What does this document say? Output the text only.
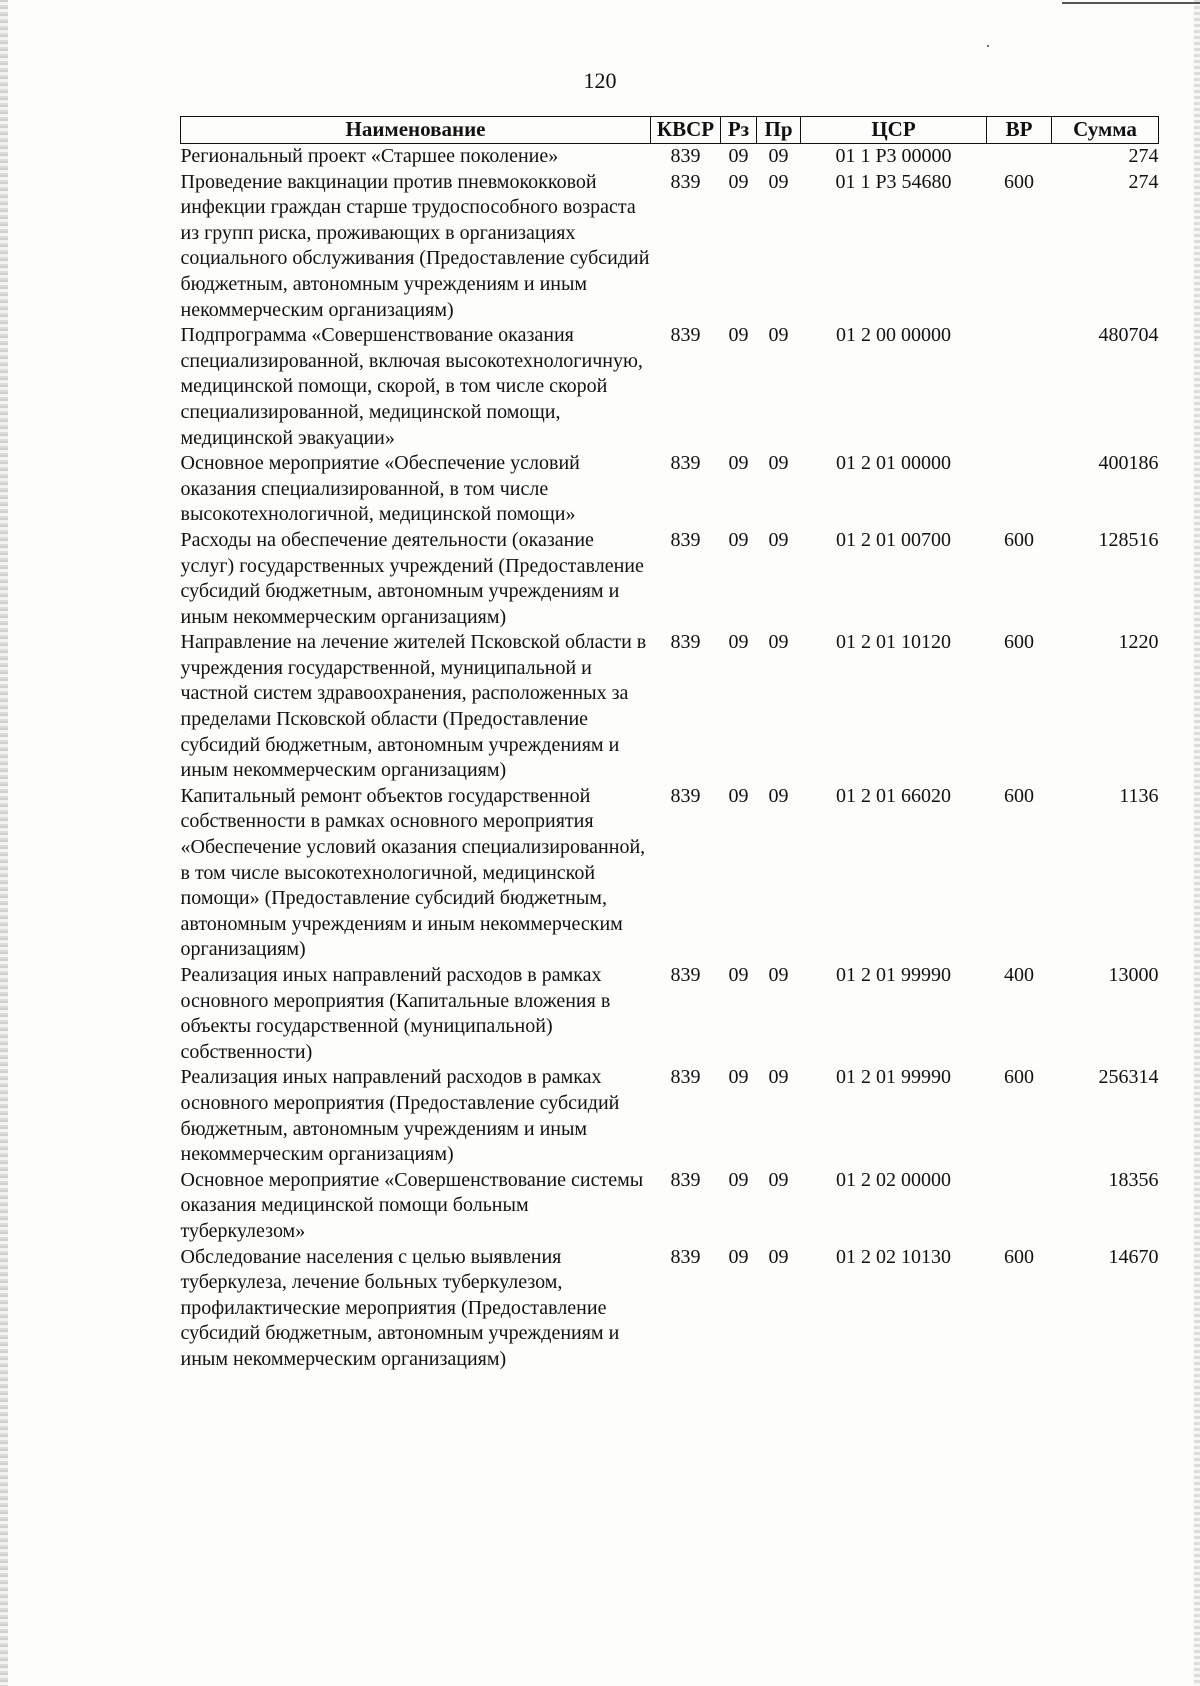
120
Наименование	КВСР	Рз	Пр	ЦСР	ВР	Сумма
Региональный проект «Старшее поколение»	839	09	09	01 1 P3 00000		274
Проведение вакцинации против пневмококковой инфекции граждан старше трудоспособного возраста из групп риска, проживающих в организациях социального обслуживания (Предоставление субсидий бюджетным, автономным учреждениям и иным некоммерческим организациям)	839	09	09	01 1 P3 54680	600	274
Подпрограмма «Совершенствование оказания специализированной, включая высокотехнологичную, медицинской помощи, скорой, в том числе скорой специализированной, медицинской помощи, медицинской эвакуации»	839	09	09	01 2 00 00000		480704
Основное мероприятие «Обеспечение условий оказания специализированной, в том числе высокотехнологичной, медицинской помощи»	839	09	09	01 2 01 00000		400186
Расходы на обеспечение деятельности (оказание услуг) государственных учреждений (Предоставление субсидий бюджетным, автономным учреждениям и иным некоммерческим организациям)	839	09	09	01 2 01 00700	600	128516
Направление на лечение жителей Псковской области в учреждения государственной, муниципальной и частной систем здравоохранения, расположенных за пределами Псковской области (Предоставление субсидий бюджетным, автономным учреждениям и иным некоммерческим организациям)	839	09	09	01 2 01 10120	600	1220
Капитальный ремонт объектов государственной собственности в рамках основного мероприятия «Обеспечение условий оказания специализированной, в том числе высокотехнологичной, медицинской помощи» (Предоставление субсидий бюджетным, автономным учреждениям и иным некоммерческим организациям)	839	09	09	01 2 01 66020	600	1136
Реализация иных направлений расходов в рамках основного мероприятия (Капитальные вложения в объекты государственной (муниципальной) собственности)	839	09	09	01 2 01 99990	400	13000
Реализация иных направлений расходов в рамках основного мероприятия (Предоставление субсидий бюджетным, автономным учреждениям и иным некоммерческим организациям)	839	09	09	01 2 01 99990	600	256314
Основное мероприятие «Совершенствование системы оказания медицинской помощи больным туберкулезом»	839	09	09	01 2 02 00000		18356
Обследование населения с целью выявления туберкулеза, лечение больных туберкулезом, профилактические мероприятия (Предоставление субсидий бюджетным, автономным учреждениям и иным некоммерческим организациям)	839	09	09	01 2 02 10130	600	14670
